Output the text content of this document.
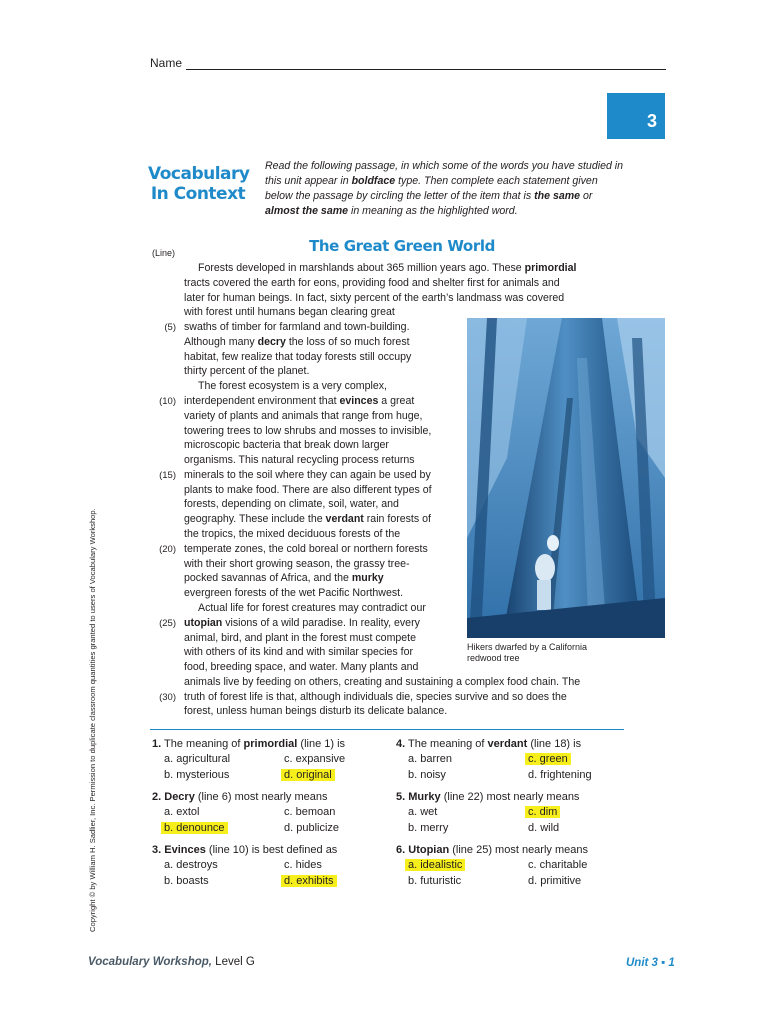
Name
3
Vocabulary
In Context
Read the following passage, in which some of the words you have studied in this unit appear in boldface type. Then complete each statement given below the passage by circling the letter of the item that is the same or almost the same in meaning as the highlighted word.
(Line)	The Great Green World
Forests developed in marshlands about 365 million years ago. These primordial
tracts covered the earth for eons, providing food and shelter first for animals and
later for human beings. In fact, sixty percent of the earth’s landmass was covered
with forest until humans began clearing great
swaths of timber for farmland and town-building.
Although many decry the loss of so much forest
habitat, few realize that today forests still occupy
thirty percent of the planet.
The forest ecosystem is a very complex,
interdependent environment that evinces a great
variety of plants and animals that range from huge,
towering trees to low shrubs and mosses to invisible,
microscopic bacteria that break down larger
organisms. This natural recycling process returns
minerals to the soil where they can again be used by
plants to make food. There are also different types of
forests, depending on climate, soil, water, and
geography. These include the verdant rain forests of
the tropics, the mixed deciduous forests of the
temperate zones, the cold boreal or northern forests
with their short growing season, the grassy tree-
pocked savannas of Africa, and the murky
evergreen forests of the wet Pacific Northwest.
Actual life for forest creatures may contradict our
utopian visions of a wild paradise. In reality, every
animal, bird, and plant in the forest must compete
with others of its kind and with similar species for
food, breeding space, and water. Many plants and
animals live by feeding on others, creating and sustaining a complex food chain. The
truth of forest life is that, although individuals die, species survive and so does the
forest, unless human beings disturb its delicate balance.
(5)
(10)
(15)
(20)
(25)
(30)
Hikers dwarfed by a California redwood tree
1. The meaning of primordial (line 1) is
a. agricultural	c. expansive
b. mysterious	d. original
2. Decry (line 6) most nearly means
a. extol	c. bemoan
b. denounce	d. publicize
3. Evinces (line 10) is best defined as
a. destroys	c. hides
b. boasts	d. exhibits
4. The meaning of verdant (line 18) is
a. barren	c. green
b. noisy	d. frightening
5. Murky (line 22) most nearly means
a. wet	c. dim
b. merry	d. wild
6. Utopian (line 25) most nearly means
a. idealistic	c. charitable
b. futuristic	d. primitive
Vocabulary Workshop, Level G	Unit 3 ▪ 1
Copyright © by William H. Sadlier, Inc. Permission to duplicate classroom quantities granted to users of Vocabulary Workshop.
